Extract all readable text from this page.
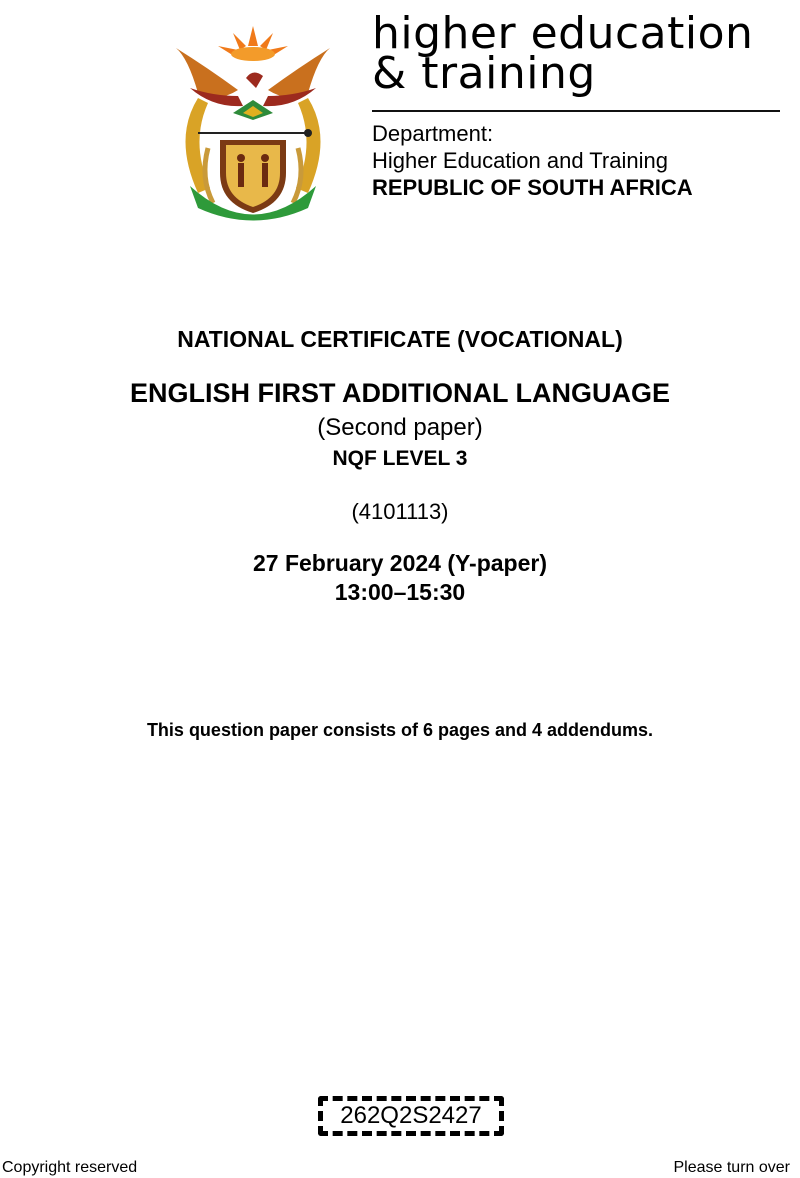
higher education
& training
Department:
Higher Education and Training
REPUBLIC OF SOUTH AFRICA
NATIONAL CERTIFICATE (VOCATIONAL)
ENGLISH FIRST ADDITIONAL LANGUAGE
(Second paper)
NQF LEVEL 3
(4101113)
27 February 2024 (Y-paper)
13:00–15:30
This question paper consists of 6 pages and 4 addendums.
262Q2S2427
Copyright reserved	Please turn over
